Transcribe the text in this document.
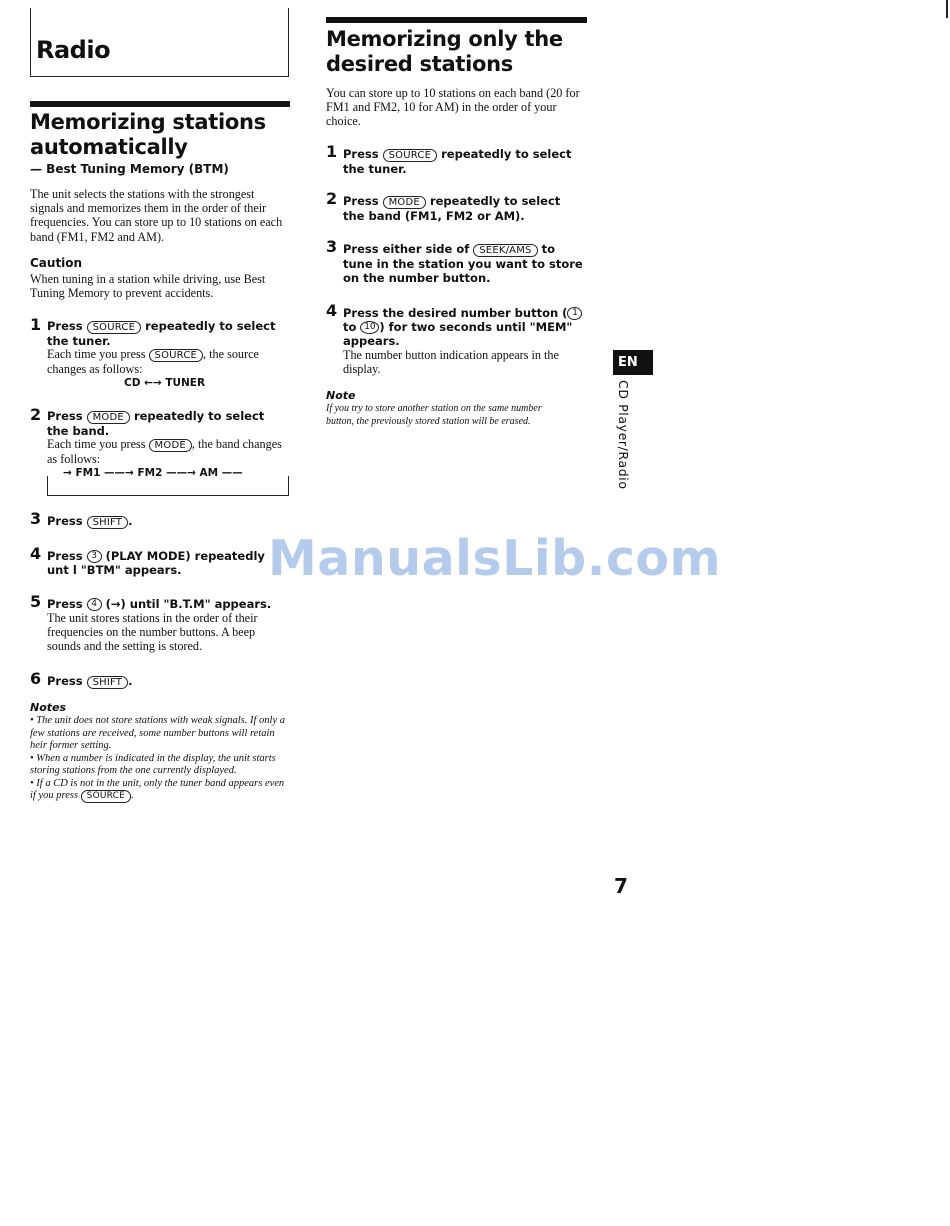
Radio
Memorizing stations automatically
— Best Tuning Memory (BTM)
The unit selects the stations with the strongest signals and memorizes them in the order of their frequencies. You can store up to 10 stations on each band (FM1, FM2 and AM).
Caution
When tuning in a station while driving, use Best Tuning Memory to prevent accidents.
1 Press SOURCE repeatedly to select the tuner.
Each time you press SOURCE , the source changes as follows:
CD ←→ TUNER
2 Press MODE repeatedly to select the band.
Each time you press MODE , the band changes as follows:
→ FM1 ——→ FM2 ——→ AM ——
3 Press SHIFT .
4 Press 3 (PLAY MODE) repeatedly unt l "BTM" appears.
5 Press 4 (→) until "B.T.M" appears.
The unit stores stations in the order of their frequencies on the number buttons. A beep sounds and the setting is stored.
6 Press SHIFT .
Notes
• The unit does not store stations with weak signals. If only a few stations are received, some number buttons will retain heir former setting.
• When a number is indicated in the display, the unit starts storing stations from the one currently displayed.
• If a CD is not in the unit, only the tuner band appears even if you press SOURCE .
Memorizing only the desired stations
You can store up to 10 stations on each band (20 for FM1 and FM2, 10 for AM) in the order of your choice.
1 Press SOURCE repeatedly to select the tuner.
2 Press MODE repeatedly to select the band (FM1, FM2 or AM).
3 Press either side of SEEK/AMS to tune in the station you want to store on the number button.
4 Press the desired number button ( 1 to 10 ) for two seconds until "MEM" appears.
The number button indication appears in the display.
Note
If you try to store another station on the same number button, the previously stored station will be erased.
EN
CD Player/Radio
ManualsLib.com
7
